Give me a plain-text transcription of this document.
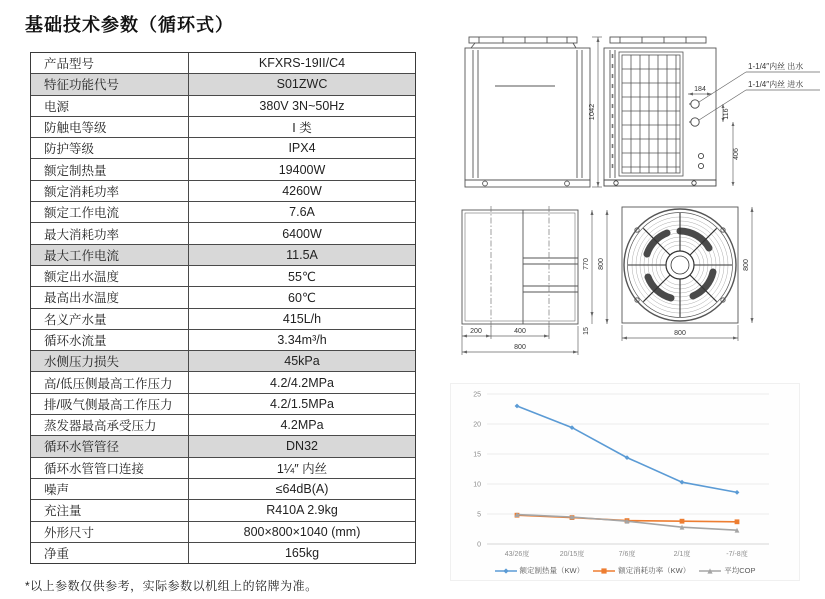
基础技术参数（循环式）
产品型号	KFXRS-19II/C4
特征功能代号	S01ZWC
电源	380V 3N~50Hz
防触电等级	I 类
防护等级	IPX4
额定制热量	19400W
额定消耗功率	4260W
额定工作电流	7.6A
最大消耗功率	6400W
最大工作电流	11.5A
额定出水温度	55℃
最高出水温度	60℃
名义产水量	415L/h
循环水流量	3.34m³/h
水侧压力损失	45kPa
高/低压侧最高工作压力	4.2/4.2MPa
排/吸气侧最高工作压力	4.2/1.5MPa
蒸发器最高承受压力	4.2MPa
循环水管管径	DN32
循环水管管口连接	1¼″ 内丝
噪声	≤64dB(A)
充注量	R410A 2.9kg
外形尺寸	800×800×1040 (mm)
净重	165kg
*以上参数仅供参考，实际参数以机组上的铭牌为准。
1042
184
116
406
1-1/4″内丝 出水
1-1/4″内丝 进水
200	400
800
770 800
15	800
800
0
5
10
15
20
25
43/26度	20/15度	7/6度	2/1度	-7/-8度
额定制热量（KW）	额定消耗功率（KW）	平均COP
